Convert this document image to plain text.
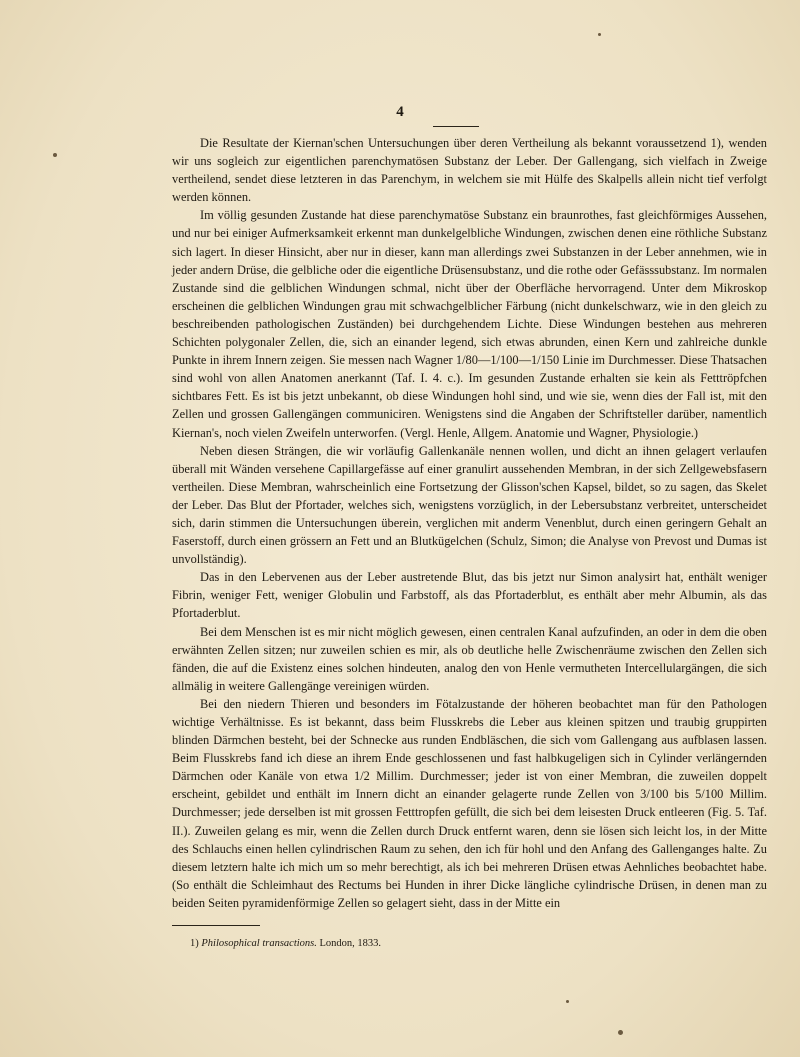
4

Die Resultate der Kiernan'schen Untersuchungen über deren Vertheilung als bekannt voraussetzend 1), wenden wir uns sogleich zur eigentlichen parenchymatösen Substanz der Leber. Der Gallengang, sich vielfach in Zweige vertheilend, sendet diese letzteren in das Parenchym, in welchem sie mit Hülfe des Skalpells allein nicht tief verfolgt werden können.

Im völlig gesunden Zustande hat diese parenchymatöse Substanz ein braunrothes, fast gleichförmiges Aussehen, und nur bei einiger Aufmerksamkeit erkennt man dunkelgelbliche Windungen, zwischen denen eine röthliche Substanz sich lagert. In dieser Hinsicht, aber nur in dieser, kann man allerdings zwei Substanzen in der Leber annehmen, wie in jeder andern Drüse, die gelbliche oder die eigentliche Drüsensubstanz, und die rothe oder Gefässsubstanz. Im normalen Zustande sind die gelblichen Windungen schmal, nicht über der Oberfläche hervorragend. Unter dem Mikroskop erscheinen die gelblichen Windungen grau mit schwachgelblicher Färbung (nicht dunkelschwarz, wie in den gleich zu beschreibenden pathologischen Zuständen) bei durchgehendem Lichte. Diese Windungen bestehen aus mehreren Schichten polygonaler Zellen, die, sich an einander legend, sich etwas abrunden, einen Kern und zahlreiche dunkle Punkte in ihrem Innern zeigen. Sie messen nach Wagner 1/80—1/100—1/150 Linie im Durchmesser. Diese Thatsachen sind wohl von allen Anatomen anerkannt (Taf. I. 4. c.). Im gesunden Zustande erhalten sie kein als Fetttröpfchen sichtbares Fett. Es ist bis jetzt unbekannt, ob diese Windungen hohl sind, und wie sie, wenn dies der Fall ist, mit den Zellen und grossen Gallengängen communiciren. Wenigstens sind die Angaben der Schriftsteller darüber, namentlich Kiernan's, noch vielen Zweifeln unterworfen. (Vergl. Henle, Allgem. Anatomie und Wagner, Physiologie.)

Neben diesen Strängen, die wir vorläufig Gallenkanäle nennen wollen, und dicht an ihnen gelagert verlaufen überall mit Wänden versehene Capillargefässe auf einer granulirt aussehenden Membran, in der sich Zellgewebsfasern vertheilen. Diese Membran, wahrscheinlich eine Fortsetzung der Glisson'schen Kapsel, bildet, so zu sagen, das Skelet der Leber. Das Blut der Pfortader, welches sich, wenigstens vorzüglich, in der Lebersubstanz verbreitet, unterscheidet sich, darin stimmen die Untersuchungen überein, verglichen mit anderm Venenblut, durch einen geringern Gehalt an Faserstoff, durch einen grössern an Fett und an Blutkügelchen (Schulz, Simon; die Analyse von Prevost und Dumas ist unvollständig).

Das in den Lebervenen aus der Leber austretende Blut, das bis jetzt nur Simon analysirt hat, enthält weniger Fibrin, weniger Fett, weniger Globulin und Farbstoff, als das Pfortaderblut, es enthält aber mehr Albumin, als das Pfortaderblut.

Bei dem Menschen ist es mir nicht möglich gewesen, einen centralen Kanal aufzufinden, an oder in dem die oben erwähnten Zellen sitzen; nur zuweilen schien es mir, als ob deutliche helle Zwischenräume zwischen den Zellen sich fänden, die auf die Existenz eines solchen hindeuten, analog den von Henle vermutheten Intercellulargängen, die sich allmälig in weitere Gallengänge vereinigen würden.

Bei den niedern Thieren und besonders im Fötalzustande der höheren beobachtet man für den Pathologen wichtige Verhältnisse. Es ist bekannt, dass beim Flusskrebs die Leber aus kleinen spitzen und traubig gruppirten blinden Därmchen besteht, bei der Schnecke aus runden Endbläschen, die sich vom Gallengang aus aufblasen lassen. Beim Flusskrebs fand ich diese an ihrem Ende geschlossenen und fast halbkugeligen sich in Cylinder verlängernden Därmchen oder Kanäle von etwa 1/2 Millim. Durchmesser; jeder ist von einer Membran, die zuweilen doppelt erscheint, gebildet und enthält im Innern dicht an einander gelagerte runde Zellen von 3/100 bis 5/100 Millim. Durchmesser; jede derselben ist mit grossen Fetttropfen gefüllt, die sich bei dem leisesten Druck entleeren (Fig. 5. Taf. II.). Zuweilen gelang es mir, wenn die Zellen durch Druck entfernt waren, denn sie lösen sich leicht los, in der Mitte des Schlauchs einen hellen cylindrischen Raum zu sehen, den ich für hohl und den Anfang des Gallenganges halte. Zu diesem letztern halte ich mich um so mehr berechtigt, als ich bei mehreren Drüsen etwas Aehnliches beobachtet habe. (So enthält die Schleimhaut des Rectums bei Hunden in ihrer Dicke längliche cylindrische Drüsen, in denen man zu beiden Seiten pyramidenförmige Zellen so gelagert sieht, dass in der Mitte ein

1) Philosophical transactions. London, 1833.
